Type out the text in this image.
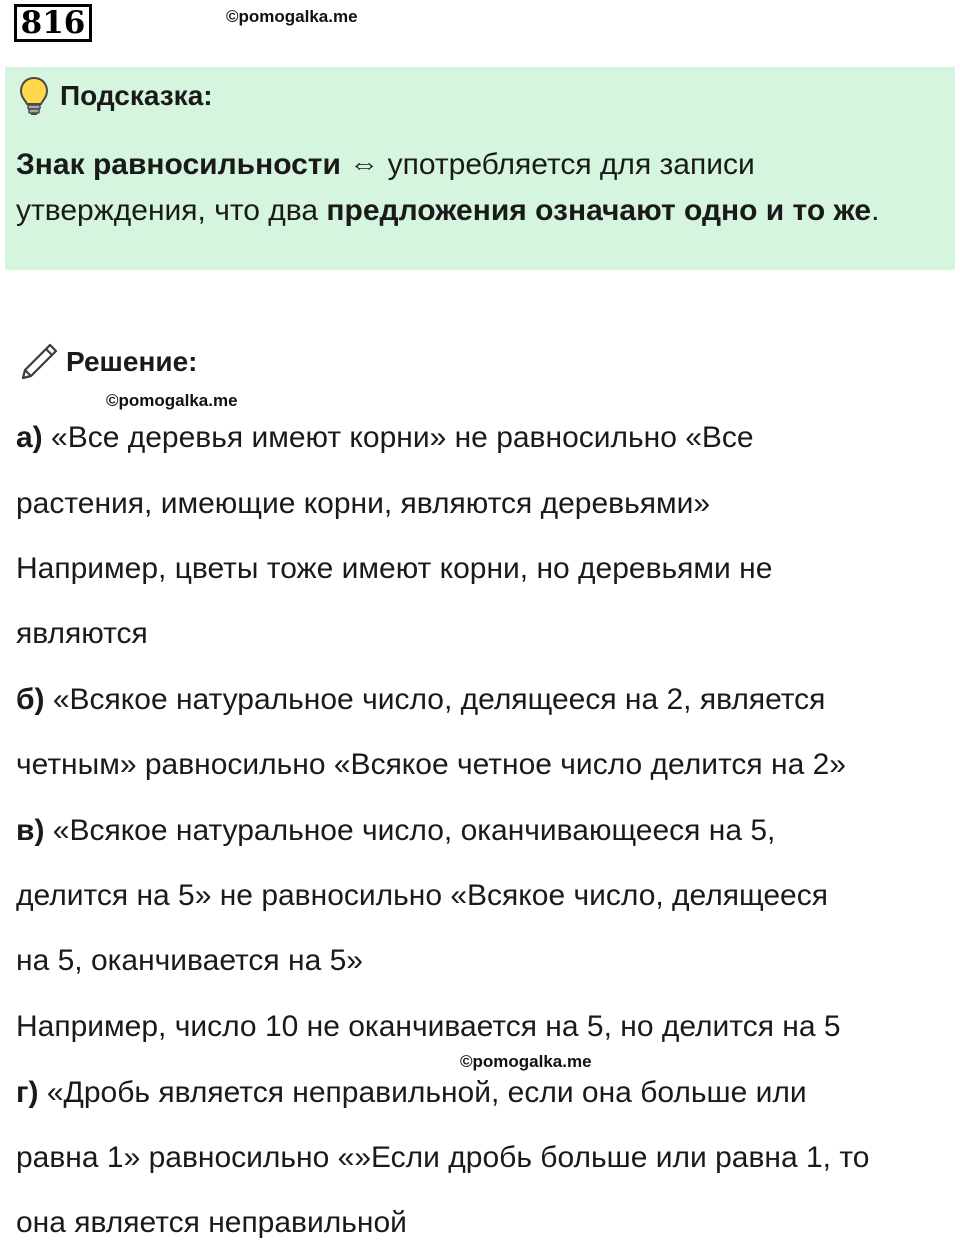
816	©pomogalka.me
Подсказка:
Знак равносильности ⇔ употребляется для записи
утверждения, что два предложения означают одно и то же.
Решение:
©pomogalka.me
а) «Все деревья имеют корни» не равносильно «Все
растения, имеющие корни, являются деревьями»
Например, цветы тоже имеют корни, но деревьями не
являются
б) «Всякое натуральное число, делящееся на 2, является
четным» равносильно «Всякое четное число делится на 2»
в) «Всякое натуральное число, оканчивающееся на 5,
делится на 5» не равносильно «Всякое число, делящееся
на 5, оканчивается на 5»
Например, число 10 не оканчивается на 5, но делится на 5
©pomogalka.me
г) «Дробь является неправильной, если она больше или
равна 1» равносильно «»Если дробь больше или равна 1, то
она является неправильной
